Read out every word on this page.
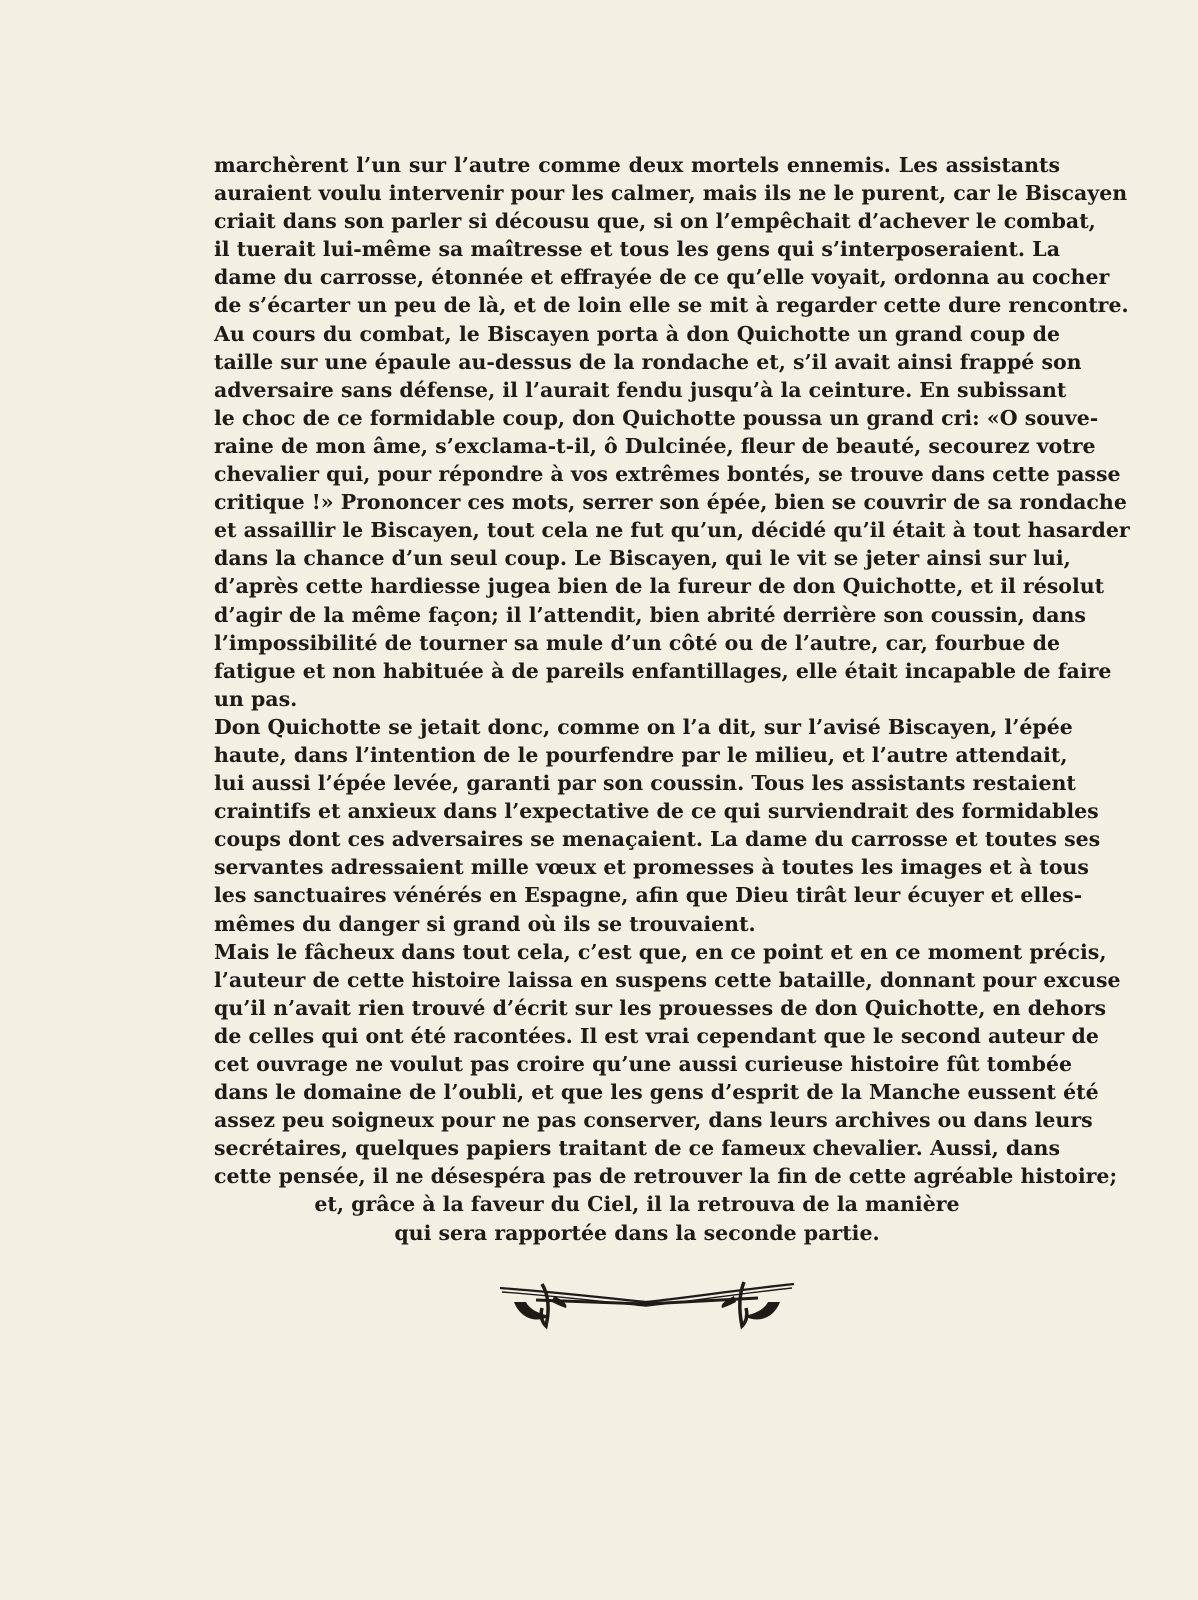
marchèrent l’un sur l’autre comme deux mortels ennemis. Les assistants
auraient voulu intervenir pour les calmer, mais ils ne le purent, car le Biscayen
criait dans son parler si décousu que, si on l’empêchait d’achever le combat,
il tuerait lui-même sa maîtresse et tous les gens qui s’interposeraient. La
dame du carrosse, étonnée et effrayée de ce qu’elle voyait, ordonna au cocher
de s’écarter un peu de là, et de loin elle se mit à regarder cette dure rencontre.
Au cours du combat, le Biscayen porta à don Quichotte un grand coup de
taille sur une épaule au-dessus de la rondache et, s’il avait ainsi frappé son
adversaire sans défense, il l’aurait fendu jusqu’à la ceinture. En subissant
le choc de ce formidable coup, don Quichotte poussa un grand cri: «O souve-
raine de mon âme, s’exclama-t-il, ô Dulcinée, fleur de beauté, secourez votre
chevalier qui, pour répondre à vos extrêmes bontés, se trouve dans cette passe
critique !» Prononcer ces mots, serrer son épée, bien se couvrir de sa rondache
et assaillir le Biscayen, tout cela ne fut qu’un, décidé qu’il était à tout hasarder
dans la chance d’un seul coup. Le Biscayen, qui le vit se jeter ainsi sur lui,
d’après cette hardiesse jugea bien de la fureur de don Quichotte, et il résolut
d’agir de la même façon; il l’attendit, bien abrité derrière son coussin, dans
l’impossibilité de tourner sa mule d’un côté ou de l’autre, car, fourbue de
fatigue et non habituée à de pareils enfantillages, elle était incapable de faire
un pas.
Don Quichotte se jetait donc, comme on l’a dit, sur l’avisé Biscayen, l’épée
haute, dans l’intention de le pourfendre par le milieu, et l’autre attendait,
lui aussi l’épée levée, garanti par son coussin. Tous les assistants restaient
craintifs et anxieux dans l’expectative de ce qui surviendrait des formidables
coups dont ces adversaires se menaçaient. La dame du carrosse et toutes ses
servantes adressaient mille vœux et promesses à toutes les images et à tous
les sanctuaires vénérés en Espagne, afin que Dieu tirât leur écuyer et elles-
mêmes du danger si grand où ils se trouvaient.
Mais le fâcheux dans tout cela, c’est que, en ce point et en ce moment précis,
l’auteur de cette histoire laissa en suspens cette bataille, donnant pour excuse
qu’il n’avait rien trouvé d’écrit sur les prouesses de don Quichotte, en dehors
de celles qui ont été racontées. Il est vrai cependant que le second auteur de
cet ouvrage ne voulut pas croire qu’une aussi curieuse histoire fût tombée
dans le domaine de l’oubli, et que les gens d’esprit de la Manche eussent été
assez peu soigneux pour ne pas conserver, dans leurs archives ou dans leurs
secrétaires, quelques papiers traitant de ce fameux chevalier. Aussi, dans
cette pensée, il ne désespéra pas de retrouver la fin de cette agréable histoire;
et, grâce à la faveur du Ciel, il la retrouva de la manière
qui sera rapportée dans la seconde partie.
